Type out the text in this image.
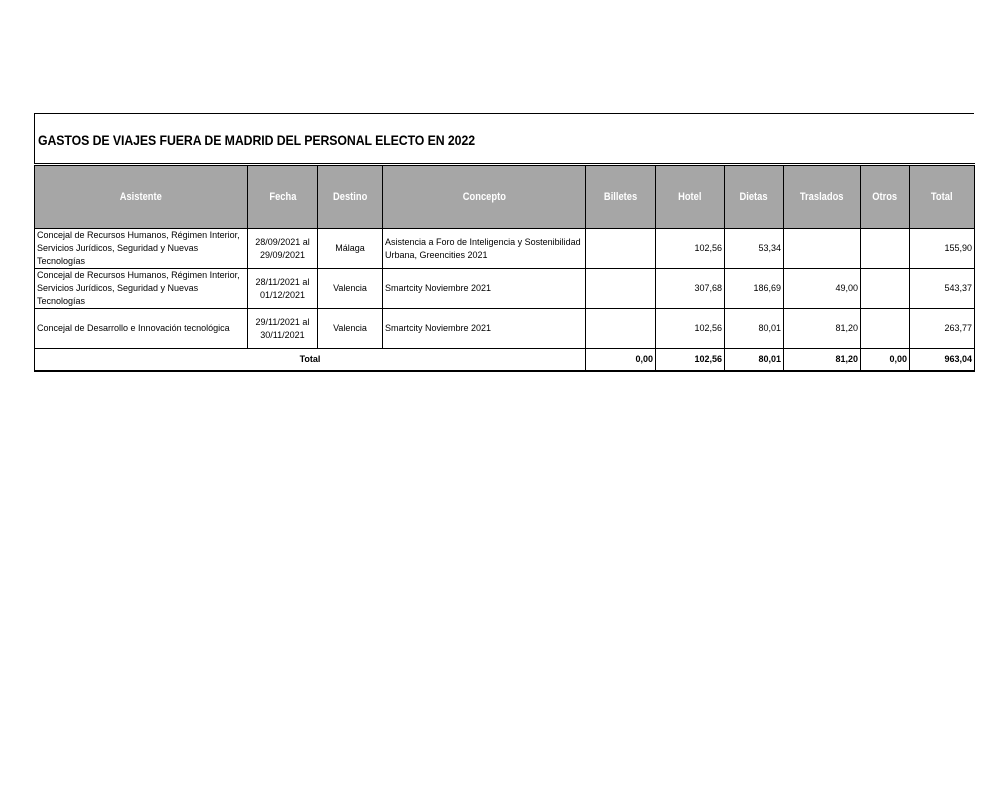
GASTOS DE VIAJES FUERA DE MADRID DEL PERSONAL ELECTO EN 2022
Asistente	Fecha	Destino	Concepto	Billetes	Hotel	Dietas	Traslados	Otros	Total
Concejal de Recursos Humanos, Régimen Interior, Servicios Jurídicos, Seguridad y Nuevas Tecnologías	28/09/2021 al 29/09/2021	Málaga	Asistencia a Foro de Inteligencia y Sostenibilidad Urbana, Greencities 2021		102,56	53,34			155,90
Concejal de Recursos Humanos, Régimen Interior, Servicios Jurídicos, Seguridad y Nuevas Tecnologías	28/11/2021 al 01/12/2021	Valencia	Smartcity Noviembre 2021		307,68	186,69	49,00		543,37
Concejal de Desarrollo e Innovación tecnológica	29/11/2021 al 30/11/2021	Valencia	Smartcity Noviembre 2021		102,56	80,01	81,20		263,77
Total				0,00	102,56	80,01	81,20	0,00	963,04
